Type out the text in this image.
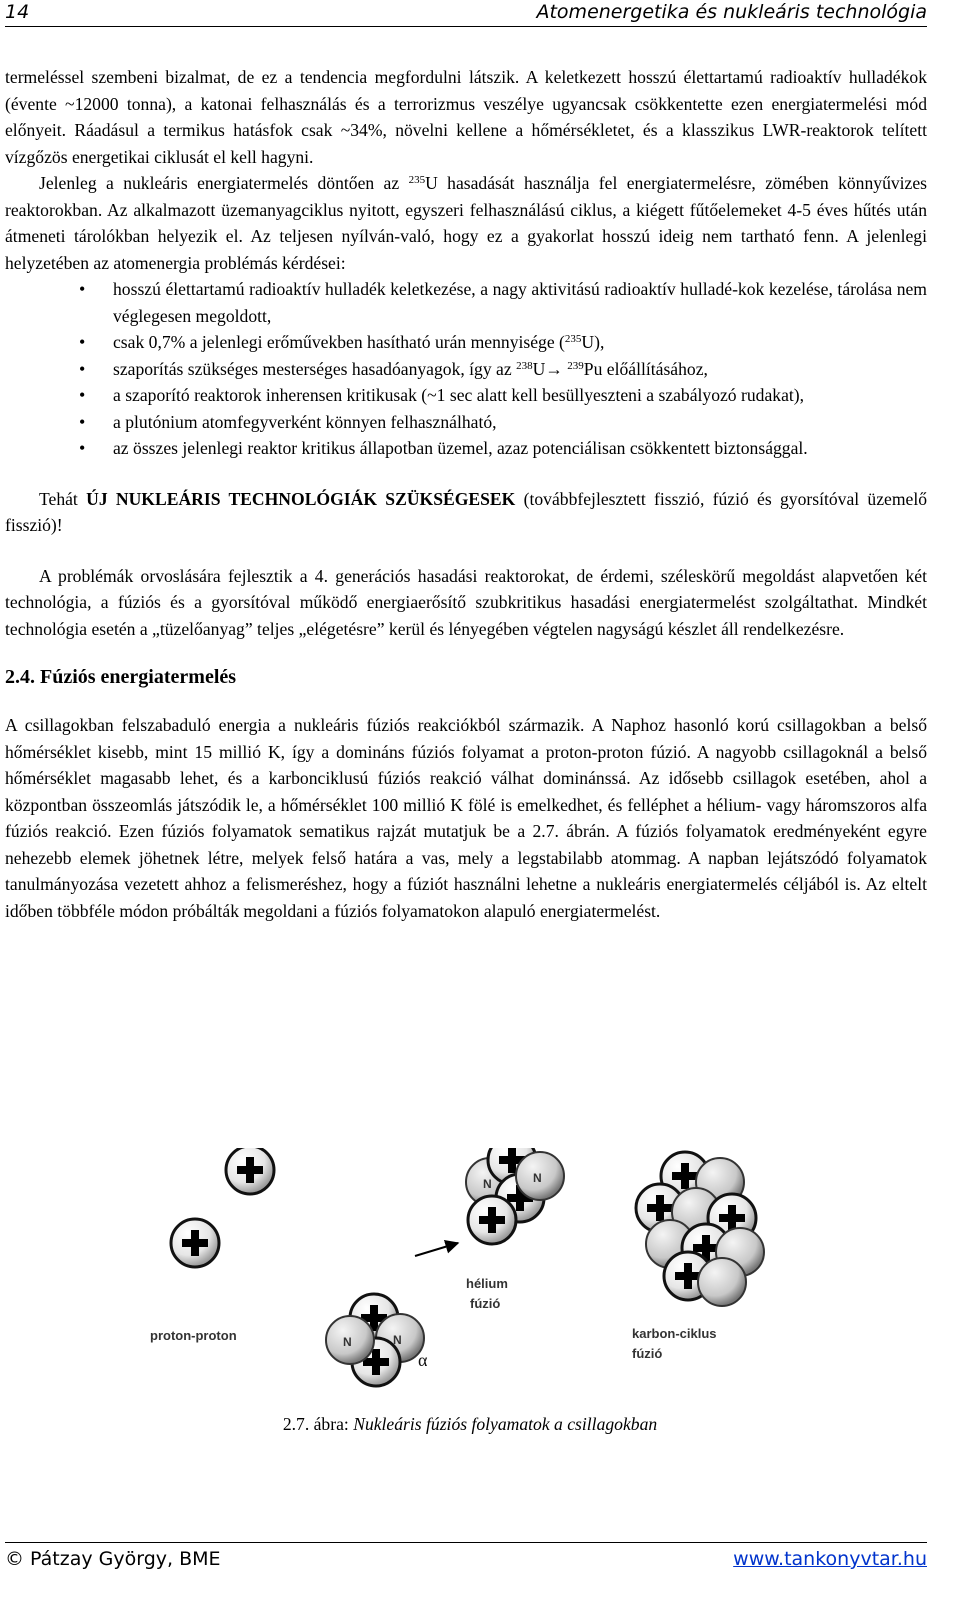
14	Atomenergetika és nukleáris technológia

termeléssel szembeni bizalmat, de ez a tendencia megfordulni látszik. A keletkezett hosszú élettartamú radioaktív hulladékok (évente ~12000 tonna), a katonai felhasználás és a terrorizmus veszélye ugyancsak csökkentette ezen energiatermelési mód előnyeit. Ráadásul a termikus hatásfok csak ~34%, növelni kellene a hőmérsékletet, és a klasszikus LWR-reaktorok telített vízgőzös energetikai ciklusát el kell hagyni.

Jelenleg a nukleáris energiatermelés döntően az $^{235}$U hasadását használja fel energiatermelésre, zömében könnyűvizes reaktorokban. Az alkalmazott üzemanyagciklus nyitott, egyszeri felhasználású ciklus, a kiégett fűtőelemeket 4-5 éves hűtés után átmeneti tárolókban helyezik el. Az teljesen nyílván-való, hogy ez a gyakorlat hosszú ideig nem tartható fenn. A jelenlegi helyzetében az atomenergia problémás kérdései:

• hosszú élettartamú radioaktív hulladék keletkezése, a nagy aktivitású radioaktív hulladé-kok kezelése, tárolása nem véglegesen megoldott,
• csak 0,7% a jelenlegi erőművekben hasítható urán mennyisége ($^{235}$U),
• szaporítás szükséges mesterséges hasadóanyagok, így az $^{238}$U→ $^{239}$Pu előállításához,
• a szaporító reaktorok inherensen kritikusak (~1 sec alatt kell besüllyeszteni a szabályozó rudakat),
• a plutónium atomfegyverként könnyen felhasználható,
• az összes jelenlegi reaktor kritikus állapotban üzemel, azaz potenciálisan csökkentett biztonsággal.

Tehát ÚJ NUKLEÁRIS TECHNOLÓGIÁK SZÜKSÉGESEK (továbbfejlesztett fisszió, fúzió és gyorsítóval üzemelő fisszió)!

A problémák orvoslására fejlesztik a 4. generációs hasadási reaktorokat, de érdemi, széleskörű megoldást alapvetően két technológia, a fúziós és a gyorsítóval működő energiaerősítő szubkritikus hasadási energiatermelést szolgáltathat. Mindkét technológia esetén a „tüzelőanyag” teljes „elégetésre” kerül és lényegében végtelen nagyságú készlet áll rendelkezésre.

2.4. Fúziós energiatermelés

A csillagokban felszabaduló energia a nukleáris fúziós reakciókból származik. A Naphoz hasonló korú csillagokban a belső hőmérséklet kisebb, mint 15 millió K, így a domináns fúziós folyamat a proton-proton fúzió. A nagyobb csillagoknál a belső hőmérséklet magasabb lehet, és a karbonciklusú fúziós reakció válhat dominánssá. Az idősebb csillagok esetében, ahol a központban összeomlás játszódik le, a hőmérséklet 100 millió K fölé is emelkedhet, és felléphet a hélium- vagy háromszoros alfa fúziós reakció. Ezen fúziós folyamatok sematikus rajzát mutatjuk be a 2.7. ábrán. A fúziós folyamatok eredményeként egyre nehezebb elemek jöhetnek létre, melyek felső határa a vas, mely a legstabilabb atommag. A napban lejátszódó folyamatok tanulmányozása vezetett ahhoz a felismeréshez, hogy a fúziót használni lehetne a nukleáris energiatermelés céljából is. Az eltelt időben többféle módon próbálták megoldani a fúziós folyamatokon alapuló energiatermelést.

proton-proton	N
N
α
N	N
hélium
fúzió
karbon-ciklus
fúzió
2.7. ábra: Nukleáris fúziós folyamatok a csillagokban
© Pátzay György, BME	www.tankonyvtar.hu
